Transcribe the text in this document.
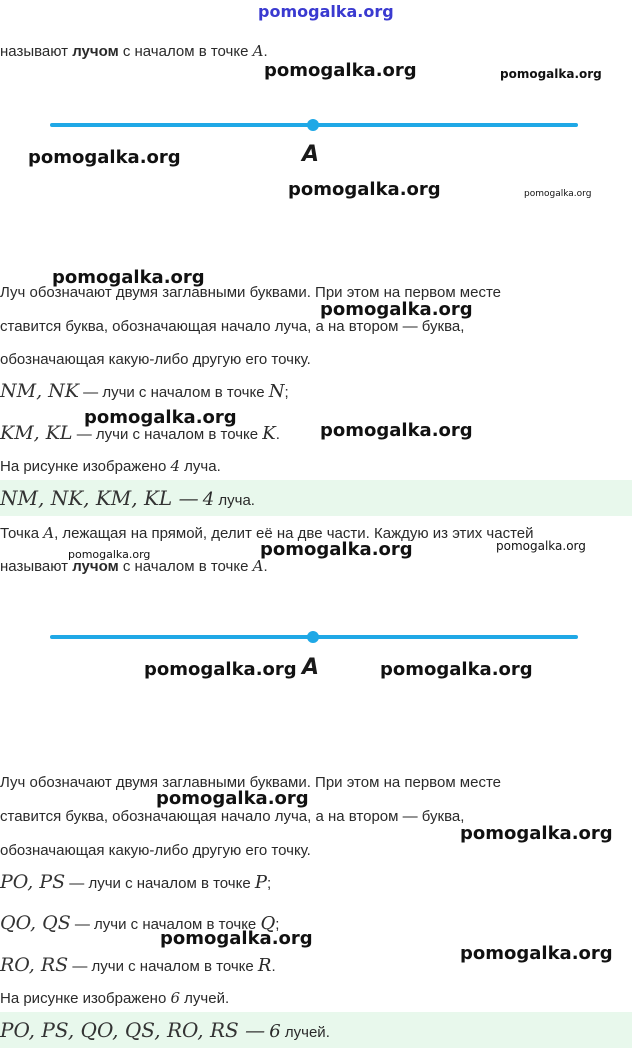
pomogalka.org
называют лучом с началом в точке A.
A
Луч обозначают двумя заглавными буквами. При этом на первом месте
ставится буква, обозначающая начало луча, а на втором — буква,
обозначающая какую-либо другую его точку.
NM, NK — лучи с началом в точке N;
KM, KL — лучи с началом в точке K.
На рисунке изображено 4 луча.
NM, NK, KM, KL — 4 луча.
Точка A, лежащая на прямой, делит её на две части. Каждую из этих частей
называют лучом с началом в точке A.
A
Луч обозначают двумя заглавными буквами. При этом на первом месте
ставится буква, обозначающая начало луча, а на втором — буква,
обозначающая какую-либо другую его точку.
PO, PS — лучи с началом в точке P;
QO, QS — лучи с началом в точке Q;
RO, RS — лучи с началом в точке R.
На рисунке изображено 6 лучей.
PO, PS, QO, QS, RO, RS — 6 лучей.
pomogalka.org	pomogalka.org
pomogalka.org
pomogalka.org	pomogalka.org
pomogalka.org
pomogalka.org
pomogalka.org
pomogalka.org
pomogalka.org	pomogalka.org	pomogalka.org
pomogalka.org	pomogalka.org
pomogalka.org
pomogalka.org
pomogalka.org
pomogalka.org
